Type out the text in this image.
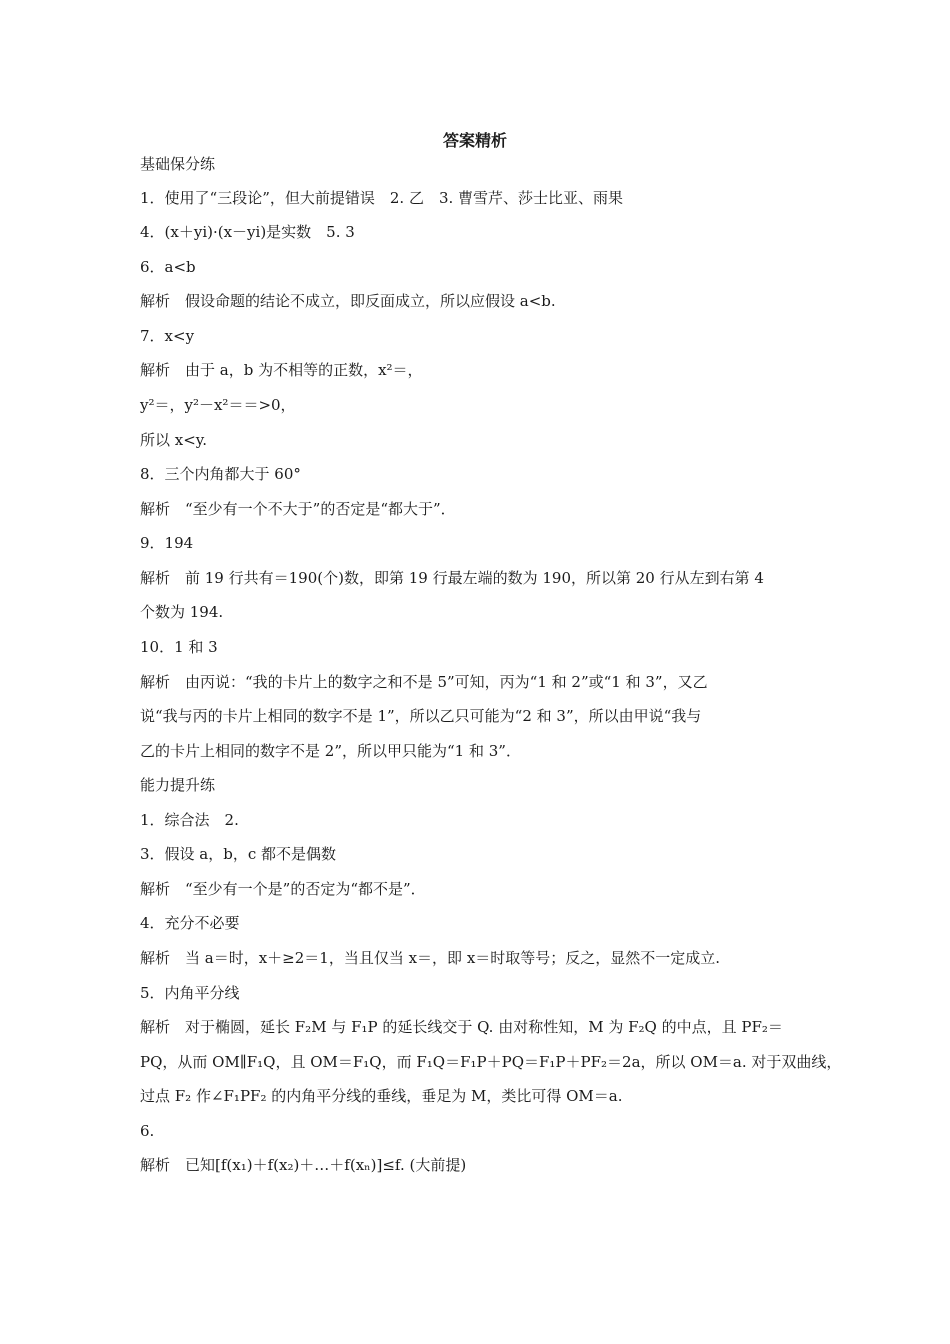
答案精析
基础保分练
1．使用了“三段论”，但大前提错误　2. 乙　3. 曹雪芹、莎士比亚、雨果
4．(x＋yi)·(x－yi)是实数　5. 3
6．a<b
解析　假设命题的结论不成立，即反面成立，所以应假设 a<b.
7．x<y
解析　由于 a，b 为不相等的正数，x²＝，
y²＝，y²－x²＝＝>0，
所以 x<y.
8．三个内角都大于 60°
解析　“至少有一个不大于”的否定是“都大于”．
9．194
解析　前 19 行共有＝190(个)数，即第 19 行最左端的数为 190，所以第 20 行从左到右第 4
个数为 194.
10．1 和 3
解析　由丙说：“我的卡片上的数字之和不是 5”可知，丙为“1 和 2”或“1 和 3”，又乙
说“我与丙的卡片上相同的数字不是 1”，所以乙只可能为“2 和 3”，所以由甲说“我与
乙的卡片上相同的数字不是 2”，所以甲只能为“1 和 3”．
能力提升练
1．综合法　2.
3．假设 a，b，c 都不是偶数
解析　“至少有一个是”的否定为“都不是”．
4．充分不必要
解析　当 a＝时，x＋≥2＝1，当且仅当 x＝，即 x＝时取等号；反之，显然不一定成立.
5．内角平分线
解析　对于椭圆，延长 F₂M 与 F₁P 的延长线交于 Q. 由对称性知，M 为 F₂Q 的中点，且 PF₂＝
PQ，从而 OM∥F₁Q，且 OM＝F₁Q，而 F₁Q＝F₁P＋PQ＝F₁P＋PF₂＝2a，所以 OM＝a. 对于双曲线，
过点 F₂ 作∠F₁PF₂ 的内角平分线的垂线，垂足为 M，类比可得 OM＝a.
6.
解析　已知[f(x₁)＋f(x₂)＋…＋f(xₙ)]≤f. (大前提)
